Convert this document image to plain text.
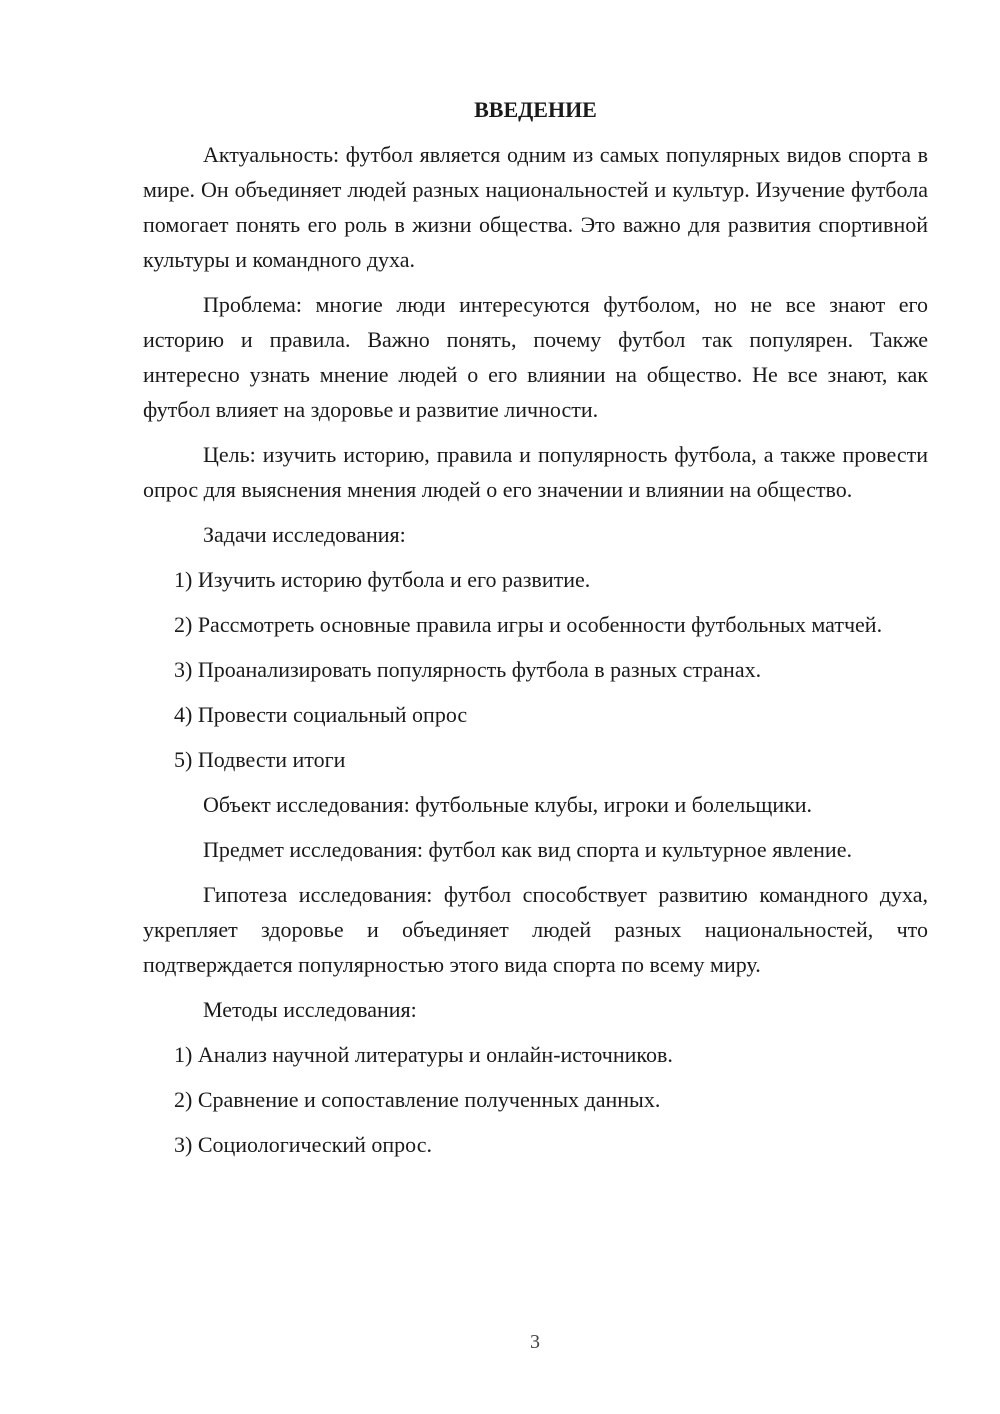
ВВЕДЕНИЕ

Актуальность: футбол является одним из самых популярных видов спорта в мире. Он объединяет людей разных национальностей и культур. Изучение футбола помогает понять его роль в жизни общества. Это важно для развития спортивной культуры и командного духа.

Проблема: многие люди интересуются футболом, но не все знают его историю и правила. Важно понять, почему футбол так популярен. Также интересно узнать мнение людей о его влиянии на общество. Не все знают, как футбол влияет на здоровье и развитие личности.

Цель: изучить историю, правила и популярность футбола, а также провести опрос для выяснения мнения людей о его значении и влиянии на общество.

Задачи исследования:

1) Изучить историю футбола и его развитие.

2) Рассмотреть основные правила игры и особенности футбольных матчей.

3) Проанализировать популярность футбола в разных странах.

4) Провести социальный опрос

5) Подвести итоги

Объект исследования: футбольные клубы, игроки и болельщики.

Предмет исследования: футбол как вид спорта и культурное явление.

Гипотеза исследования: футбол способствует развитию командного духа, укрепляет здоровье и объединяет людей разных национальностей, что подтверждается популярностью этого вида спорта по всему миру.

Методы исследования:

1) Анализ научной литературы и онлайн-источников.

2) Сравнение и сопоставление полученных данных.

3) Социологический опрос.

3
